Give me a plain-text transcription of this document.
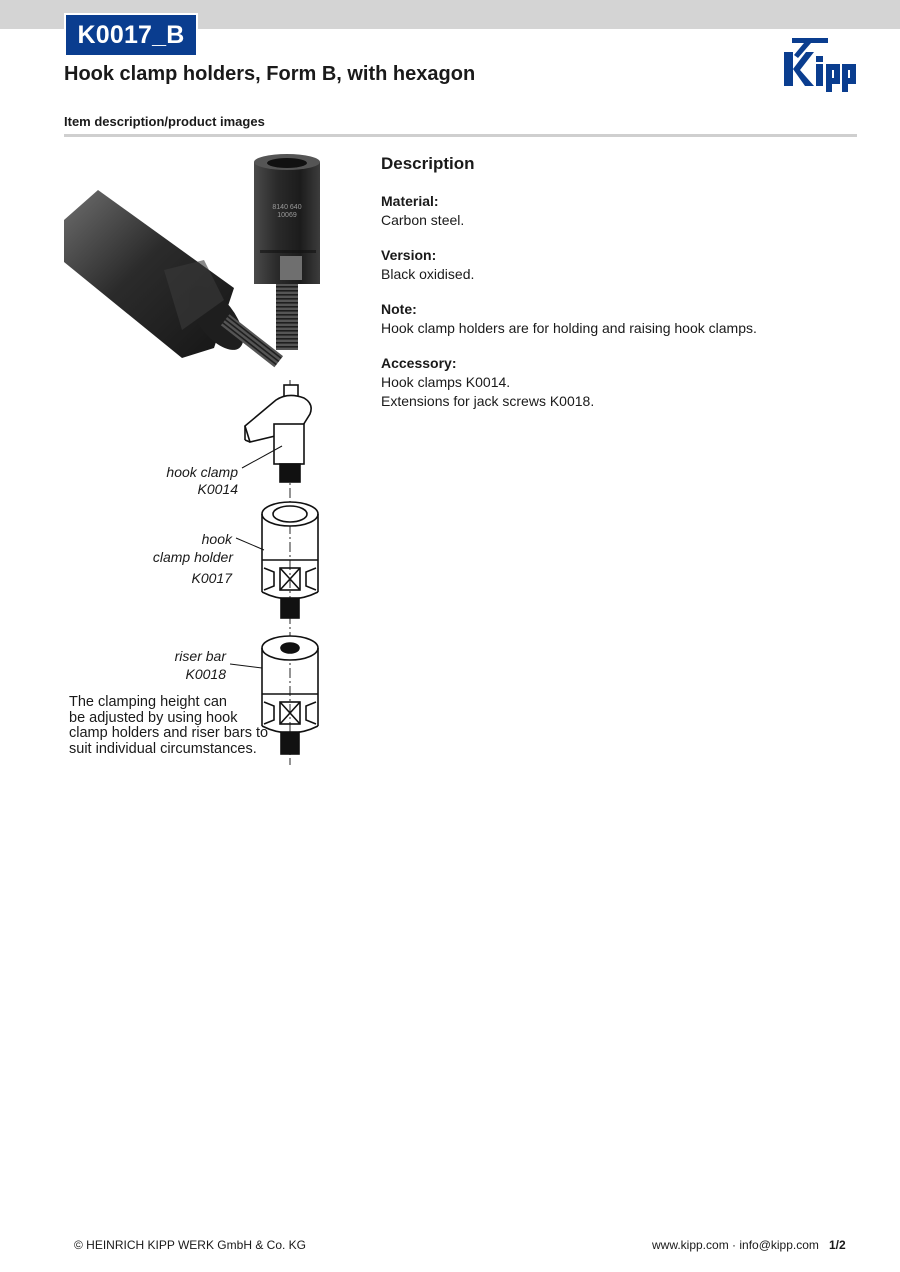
K0017_B
Hook clamp holders, Form B, with hexagon
Item description/product images
8140 640
10069
hook clamp
K0014
hook
clamp holder
K0017
riser bar
K0018
The clamping height can
be adjusted by using hook
clamp holders and riser bars to
suit individual circumstances.
Description
Material:
Carbon steel.
Version:
Black oxidised.
Note:
Hook clamp holders are for holding and raising hook clamps.
Accessory:
Hook clamps K0014.
Extensions for jack screws K0018.
© HEINRICH KIPP WERK GmbH & Co. KG	www.kipp.com · info@kipp.com 1/2
